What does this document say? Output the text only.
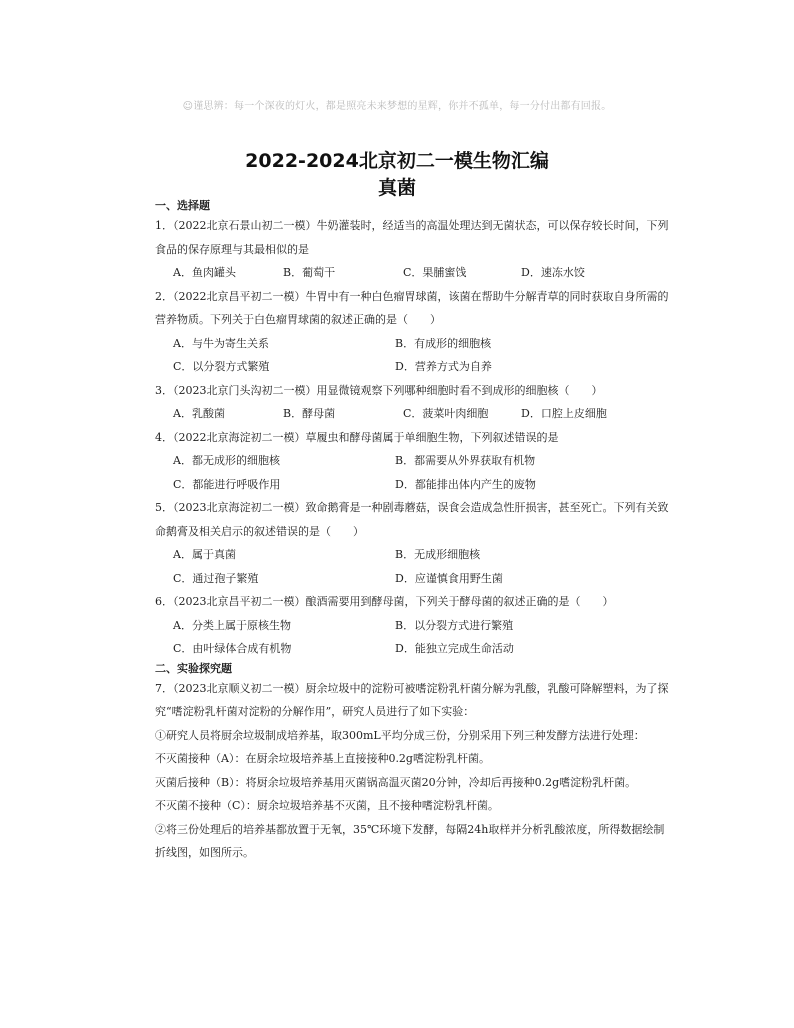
☺谨思辨：每一个深夜的灯火，都是照亮未来梦想的星辉，你并不孤单，每一分付出都有回报。
2022-2024北京初二一模生物汇编
真菌
一、选择题
1．（2022北京石景山初二一模）牛奶灌装时，经适当的高温处理达到无菌状态，可以保存较长时间，下列
食品的保存原理与其最相似的是
A．鱼肉罐头	B．葡萄干	C．果脯蜜饯	D．速冻水饺
2．（2022北京昌平初二一模）牛胃中有一种白色瘤胃球菌，该菌在帮助牛分解青草的同时获取自身所需的
营养物质。下列关于白色瘤胃球菌的叙述正确的是（　　）
A．与牛为寄生关系	B．有成形的细胞核
C．以分裂方式繁殖	D．营养方式为自养
3．（2023北京门头沟初二一模）用显微镜观察下列哪种细胞时看不到成形的细胞核（　　）
A．乳酸菌	B．酵母菌	C．菠菜叶肉细胞	D．口腔上皮细胞
4．（2022北京海淀初二一模）草履虫和酵母菌属于单细胞生物，下列叙述错误的是
A．都无成形的细胞核	B．都需要从外界获取有机物
C．都能进行呼吸作用	D．都能排出体内产生的废物
5．（2023北京海淀初二一模）致命鹅膏是一种剧毒蘑菇，误食会造成急性肝损害，甚至死亡。下列有关致
命鹅膏及相关启示的叙述错误的是（　　）
A．属于真菌	B．无成形细胞核
C．通过孢子繁殖	D．应谨慎食用野生菌
6．（2023北京昌平初二一模）酿酒需要用到酵母菌，下列关于酵母菌的叙述正确的是（　　）
A．分类上属于原核生物	B．以分裂方式进行繁殖
C．由叶绿体合成有机物	D．能独立完成生命活动
二、实验探究题
7．（2023北京顺义初二一模）厨余垃圾中的淀粉可被嗜淀粉乳杆菌分解为乳酸，乳酸可降解塑料，为了探
究“嗜淀粉乳杆菌对淀粉的分解作用”，研究人员进行了如下实验：
①研究人员将厨余垃圾制成培养基，取300mL平均分成三份，分别采用下列三种发酵方法进行处理：
不灭菌接种（A）：在厨余垃圾培养基上直接接种0.2g嗜淀粉乳杆菌。
灭菌后接种（B）：将厨余垃圾培养基用灭菌锅高温灭菌20分钟，冷却后再接种0.2g嗜淀粉乳杆菌。
不灭菌不接种（C）：厨余垃圾培养基不灭菌，且不接种嗜淀粉乳杆菌。
②将三份处理后的培养基都放置于无氧，35℃环境下发酵，每隔24h取样并分析乳酸浓度，所得数据绘制
折线图，如图所示。
